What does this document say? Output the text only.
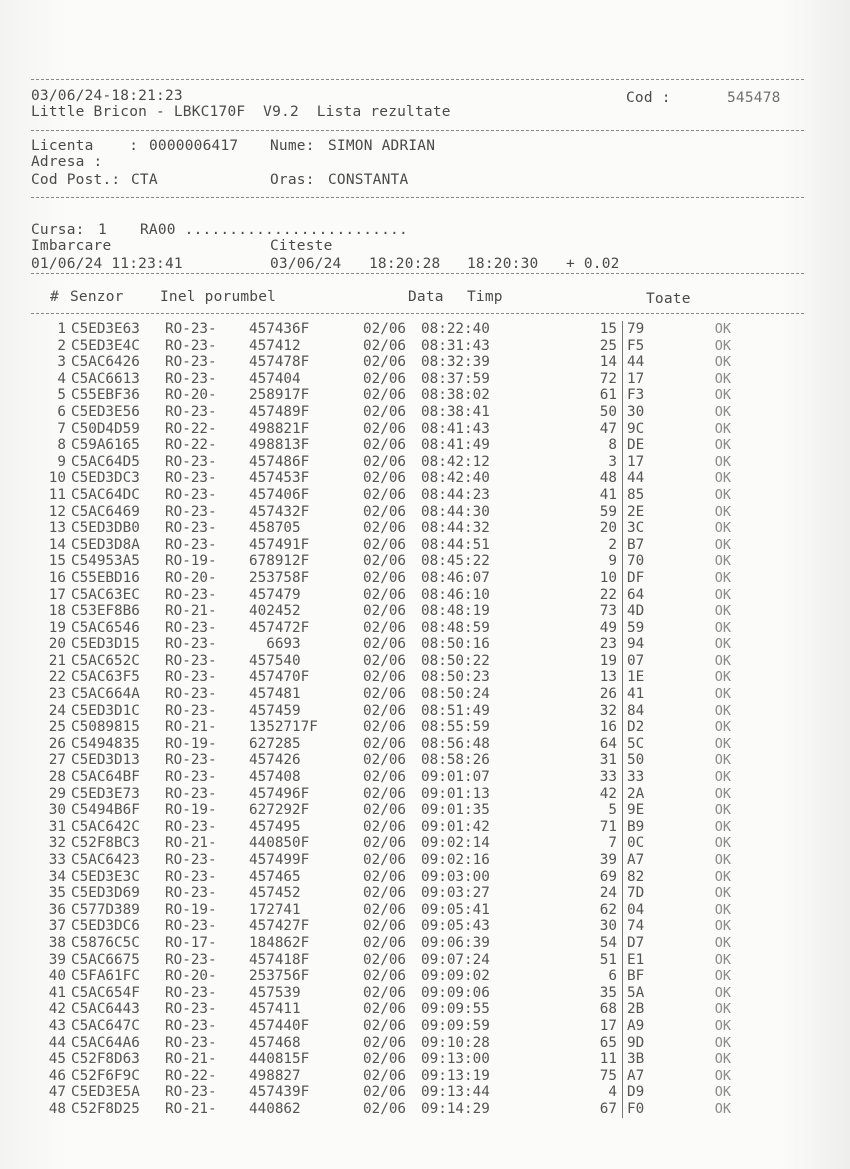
03/06/24-18:21:23	Cod :	545478
Little Bricon - LBKC170F  V9.2  Lista rezultate
Licenta    : 0000006417 Nume: SIMON ADRIAN
Adresa :
Cod Post.: CTA	Oras: CONSTANTA
Cursa: 1 RA00 .........................
Imbarcare	Citeste
01/06/24 11:23:41	03/06/24 18:20:28 18:20:30 + 0.02
# Senzor	Inel porumbel	Data Timp	Toate
1	C5ED3E63	RO-23-	457436F	02/06	08:22:40	15	79	OK
2	C5ED3E4C	RO-23-	457412	02/06	08:31:43	25	F5	OK
3	C5AC6426	RO-23-	457478F	02/06	08:32:39	14	44	OK
4	C5AC6613	RO-23-	457404	02/06	08:37:59	72	17	OK
5	C55EBF36	RO-20-	258917F	02/06	08:38:02	61	F3	OK
6	C5ED3E56	RO-23-	457489F	02/06	08:38:41	50	30	OK
7	C50D4D59	RO-22-	498821F	02/06	08:41:43	47	9C	OK
8	C59A6165	RO-22-	498813F	02/06	08:41:49	8	DE	OK
9	C5AC64D5	RO-23-	457486F	02/06	08:42:12	3	17	OK
10	C5ED3DC3	RO-23-	457453F	02/06	08:42:40	48	44	OK
11	C5AC64DC	RO-23-	457406F	02/06	08:44:23	41	85	OK
12	C5AC6469	RO-23-	457432F	02/06	08:44:30	59	2E	OK
13	C5ED3DB0	RO-23-	458705	02/06	08:44:32	20	3C	OK
14	C5ED3D8A	RO-23-	457491F	02/06	08:44:51	2	B7	OK
15	C54953A5	RO-19-	678912F	02/06	08:45:22	9	70	OK
16	C55EBD16	RO-20-	253758F	02/06	08:46:07	10	DF	OK
17	C5AC63EC	RO-23-	457479	02/06	08:46:10	22	64	OK
18	C53EF8B6	RO-21-	402452	02/06	08:48:19	73	4D	OK
19	C5AC6546	RO-23-	457472F	02/06	08:48:59	49	59	OK
20	C5ED3D15	RO-23-	6693	02/06	08:50:16	23	94	OK
21	C5AC652C	RO-23-	457540	02/06	08:50:22	19	07	OK
22	C5AC63F5	RO-23-	457470F	02/06	08:50:23	13	1E	OK
23	C5AC664A	RO-23-	457481	02/06	08:50:24	26	41	OK
24	C5ED3D1C	RO-23-	457459	02/06	08:51:49	32	84	OK
25	C5089815	RO-21-	1352717F	02/06	08:55:59	16	D2	OK
26	C5494835	RO-19-	627285	02/06	08:56:48	64	5C	OK
27	C5ED3D13	RO-23-	457426	02/06	08:58:26	31	50	OK
28	C5AC64BF	RO-23-	457408	02/06	09:01:07	33	33	OK
29	C5ED3E73	RO-23-	457496F	02/06	09:01:13	42	2A	OK
30	C5494B6F	RO-19-	627292F	02/06	09:01:35	5	9E	OK
31	C5AC642C	RO-23-	457495	02/06	09:01:42	71	B9	OK
32	C52F8BC3	RO-21-	440850F	02/06	09:02:14	7	0C	OK
33	C5AC6423	RO-23-	457499F	02/06	09:02:16	39	A7	OK
34	C5ED3E3C	RO-23-	457465	02/06	09:03:00	69	82	OK
35	C5ED3D69	RO-23-	457452	02/06	09:03:27	24	7D	OK
36	C577D389	RO-19-	172741	02/06	09:05:41	62	04	OK
37	C5ED3DC6	RO-23-	457427F	02/06	09:05:43	30	74	OK
38	C5876C5C	RO-17-	184862F	02/06	09:06:39	54	D7	OK
39	C5AC6675	RO-23-	457418F	02/06	09:07:24	51	E1	OK
40	C5FA61FC	RO-20-	253756F	02/06	09:09:02	6	BF	OK
41	C5AC654F	RO-23-	457539	02/06	09:09:06	35	5A	OK
42	C5AC6443	RO-23-	457411	02/06	09:09:55	68	2B	OK
43	C5AC647C	RO-23-	457440F	02/06	09:09:59	17	A9	OK
44	C5AC64A6	RO-23-	457468	02/06	09:10:28	65	9D	OK
45	C52F8D63	RO-21-	440815F	02/06	09:13:00	11	3B	OK
46	C52F6F9C	RO-22-	498827	02/06	09:13:19	75	A7	OK
47	C5ED3E5A	RO-23-	457439F	02/06	09:13:44	4	D9	OK
48	C52F8D25	RO-21-	440862	02/06	09:14:29	67	F0	OK
